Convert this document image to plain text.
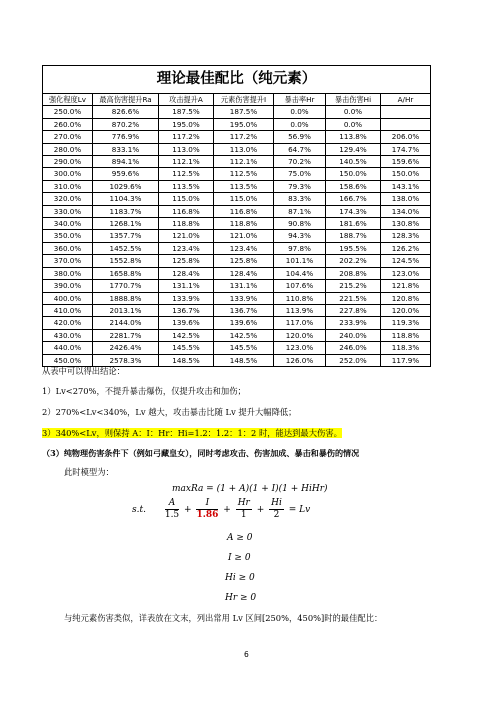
理论最佳配比（纯元素）						
强化程度Lv	最高伤害提升Ra	攻击提升A	元素伤害提升I	暴击率Hr	暴击伤害Hi	A/Hr
250.0%	826.6%	187.5%	187.5%	0.0%	0.0%	
260.0%	870.2%	195.0%	195.0%	0.0%	0.0%	
270.0%	776.9%	117.2%	117.2%	56.9%	113.8%	206.0%
280.0%	833.1%	113.0%	113.0%	64.7%	129.4%	174.7%
290.0%	894.1%	112.1%	112.1%	70.2%	140.5%	159.6%
300.0%	959.6%	112.5%	112.5%	75.0%	150.0%	150.0%
310.0%	1029.6%	113.5%	113.5%	79.3%	158.6%	143.1%
320.0%	1104.3%	115.0%	115.0%	83.3%	166.7%	138.0%
330.0%	1183.7%	116.8%	116.8%	87.1%	174.3%	134.0%
340.0%	1268.1%	118.8%	118.8%	90.8%	181.6%	130.8%
350.0%	1357.7%	121.0%	121.0%	94.3%	188.7%	128.3%
360.0%	1452.5%	123.4%	123.4%	97.8%	195.5%	126.2%
370.0%	1552.8%	125.8%	125.8%	101.1%	202.2%	124.5%
380.0%	1658.8%	128.4%	128.4%	104.4%	208.8%	123.0%
390.0%	1770.7%	131.1%	131.1%	107.6%	215.2%	121.8%
400.0%	1888.8%	133.9%	133.9%	110.8%	221.5%	120.8%
410.0%	2013.1%	136.7%	136.7%	113.9%	227.8%	120.0%
420.0%	2144.0%	139.6%	139.6%	117.0%	233.9%	119.3%
430.0%	2281.7%	142.5%	142.5%	120.0%	240.0%	118.8%
440.0%	2426.4%	145.5%	145.5%	123.0%	246.0%	118.3%
450.0%	2578.3%	148.5%	148.5%	126.0%	252.0%	117.9%
从表中可以得出结论：
1）Lv<270%，不提升暴击爆伤，仅提升攻击和加伤；
2）270%<Lv<340%，Lv 越大，攻击暴击比随 Lv 提升大幅降低；
3）340%<Lv，则保持 A：I：Hr：Hi=1.2：1.2：1：2 时，能达到最大伤害。
（3）纯物理伤害条件下（例如弓藏皇女），同时考虑攻击、伤害加成、暴击和暴伤的情况
此时模型为：
maxRa = (1 + A)(1 + I)(1 + HiHr)
s.t. $\frac{A}{1.5} + \frac{I}{1.86} + \frac{Hr}{1} + \frac{Hi}{2} = Lv$
A ≥ 0
I ≥ 0
Hi ≥ 0
Hr ≥ 0
与纯元素伤害类似，详表放在文末，列出常用 Lv 区间[250%，450%]时的最佳配比：
6
